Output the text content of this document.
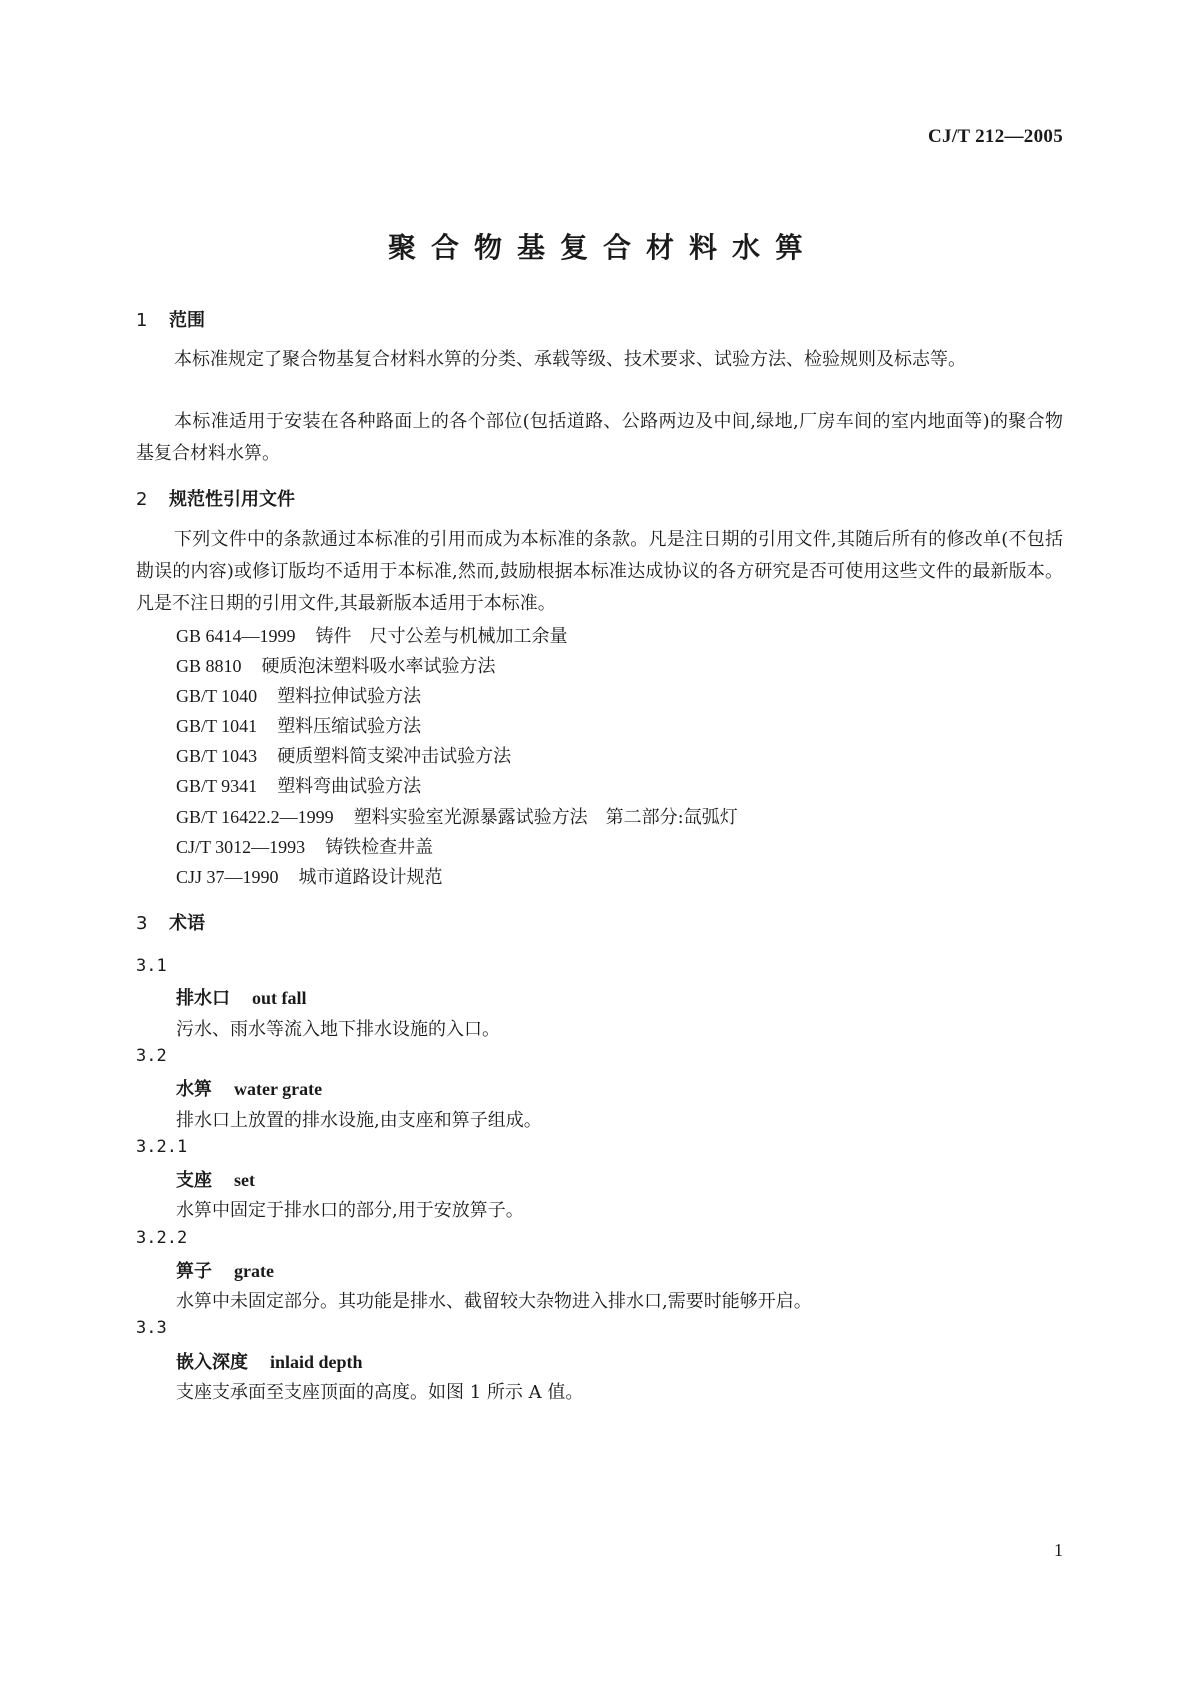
CJ/T 212—2005
聚合物基复合材料水箅
1 范围
本标准规定了聚合物基复合材料水箅的分类、承载等级、技术要求、试验方法、检验规则及标志等。
本标准适用于安装在各种路面上的各个部位(包括道路、公路两边及中间,绿地,厂房车间的室内地面等)的聚合物基复合材料水箅。
2 规范性引用文件
下列文件中的条款通过本标准的引用而成为本标准的条款。凡是注日期的引用文件,其随后所有的修改单(不包括勘误的内容)或修订版均不适用于本标准,然而,鼓励根据本标准达成协议的各方研究是否可使用这些文件的最新版本。凡是不注日期的引用文件,其最新版本适用于本标准。
GB 6414—1999 铸件　尺寸公差与机械加工余量
GB 8810 硬质泡沫塑料吸水率试验方法
GB/T 1040 塑料拉伸试验方法
GB/T 1041 塑料压缩试验方法
GB/T 1043 硬质塑料简支梁冲击试验方法
GB/T 9341 塑料弯曲试验方法
GB/T 16422.2—1999 塑料实验室光源暴露试验方法　第二部分:氙弧灯
CJ/T 3012—1993 铸铁检查井盖
CJJ 37—1990 城市道路设计规范
3 术语
3.1
排水口 out fall
污水、雨水等流入地下排水设施的入口。
3.2
水箅 water grate
排水口上放置的排水设施,由支座和箅子组成。
3.2.1
支座 set
水箅中固定于排水口的部分,用于安放箅子。
3.2.2
箅子 grate
水箅中未固定部分。其功能是排水、截留较大杂物进入排水口,需要时能够开启。
3.3
嵌入深度 inlaid depth
支座支承面至支座顶面的高度。如图 1 所示 A 值。
1
